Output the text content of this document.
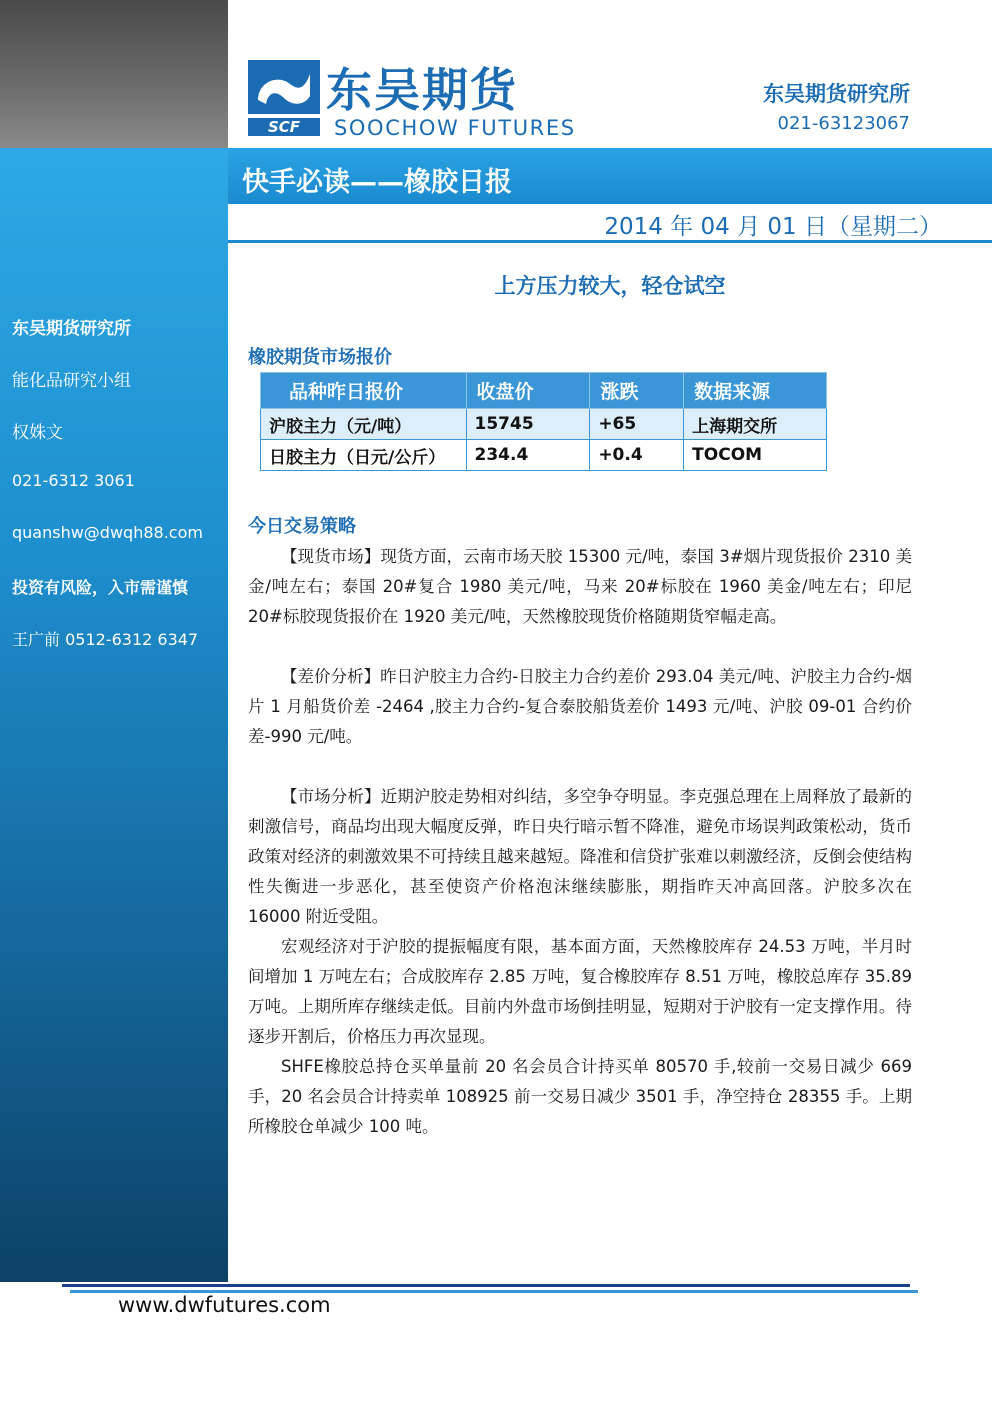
东吴期货研究所
能化品研究小组
权姝文
021-6312 3061
quanshw@dwqh88.com
投资有风险，入市需谨慎
王广前 0512-6312 6347
SCF
东吴期货
SOOCHOW FUTURES
东吴期货研究所
021-63123067
快手必读——橡胶日报
2014 年 04 月 01 日（星期二）
上方压力较大，轻仓试空
橡胶期货市场报价
品种昨日报价	收盘价	涨跌	数据来源
沪胶主力（元/吨）	15745	+65	上海期交所
日胶主力（日元/公斤）	234.4	+0.4	TOCOM
今日交易策略

【现货市场】现货方面，云南市场天胶 15300 元/吨，泰国 3#烟片现货报价 2310 美金/吨左右；泰国 20#复合 1980 美元/吨，马来 20#标胶在 1960 美金/吨左右；印尼 20#标胶现货报价在 1920 美元/吨，天然橡胶现货价格随期货窄幅走高。

【差价分析】昨日沪胶主力合约-日胶主力合约差价 293.04 美元/吨、沪胶主力合约-烟片 1 月船货价差 -2464 ,胶主力合约-复合泰胶船货差价 1493 元/吨、沪胶 09-01 合约价差-990 元/吨。

【市场分析】近期沪胶走势相对纠结，多空争夺明显。李克强总理在上周释放了最新的刺激信号，商品均出现大幅度反弹，昨日央行暗示暂不降准，避免市场误判政策松动，货币政策对经济的刺激效果不可持续且越来越短。降准和信贷扩张难以刺激经济，反倒会使结构性失衡进一步恶化，甚至使资产价格泡沫继续膨胀，期指昨天冲高回落。沪胶多次在 16000 附近受阻。

宏观经济对于沪胶的提振幅度有限，基本面方面，天然橡胶库存 24.53 万吨，半月时间增加 1 万吨左右；合成胶库存 2.85 万吨，复合橡胶库存 8.51 万吨，橡胶总库存 35.89 万吨。上期所库存继续走低。目前内外盘市场倒挂明显，短期对于沪胶有一定支撑作用。待逐步开割后，价格压力再次显现。

SHFE橡胶总持仓买单量前 20 名会员合计持买单 80570 手,较前一交易日减少 669 手，20 名会员合计持卖单 108925 前一交易日减少 3501 手，净空持仓 28355 手。上期所橡胶仓单减少 100 吨。

www.dwfutures.com
